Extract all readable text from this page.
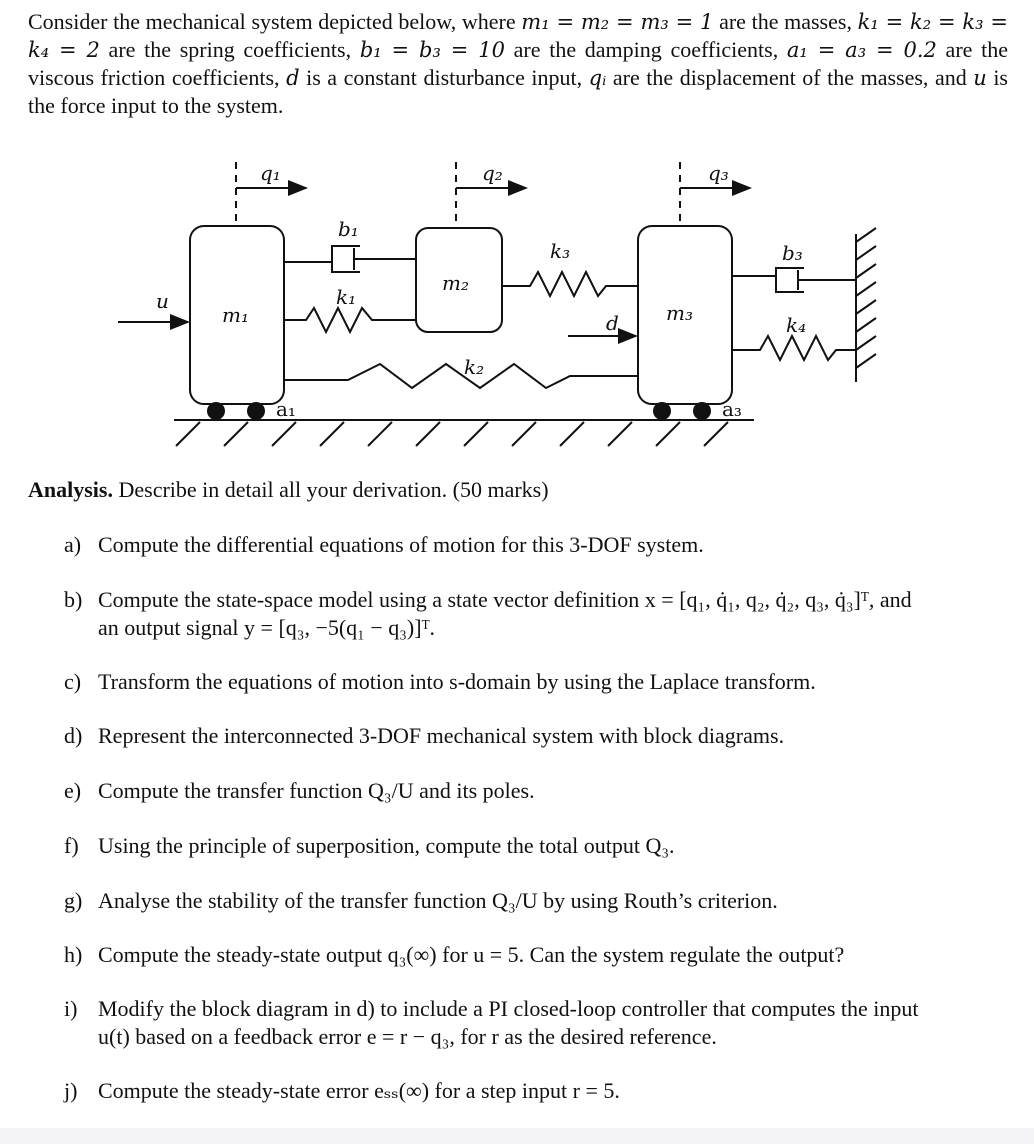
Consider the mechanical system depicted below, where m₁ = m₂ = m₃ = 1 are the masses, k₁ = k₂ = k₃ = k₄ = 2 are the spring coefficients, b₁ = b₃ = 10 are the damping coefficients, a₁ = a₃ = 0.2 are the viscous friction coefficients, d is a constant disturbance input, qᵢ are the displacement of the masses, and u is the force input to the system.

q₁	q₂	q₃
m₁
m₂
m₃
b₁
b₃
k₁
k₂
k₃
k₄
a₁	a₃
u
d

Analysis. Describe in detail all your derivation. (50 marks)

a) Compute the differential equations of motion for this 3-DOF system.
b) Compute the state-space model using a state vector definition x = [q₁, q̇₁, q₂, q̇₂, q₃, q̇₃]ᵀ, and
an output signal y = [q₃, −5(q₁ − q₃)]ᵀ.
c) Transform the equations of motion into s-domain by using the Laplace transform.
d) Represent the interconnected 3-DOF mechanical system with block diagrams.
e) Compute the transfer function Q₃/U and its poles.
f) Using the principle of superposition, compute the total output Q₃.
g) Analyse the stability of the transfer function Q₃/U by using Routh’s criterion.
h) Compute the steady-state output q₃(∞) for u = 5. Can the system regulate the output?
i) Modify the block diagram in d) to include a PI closed-loop controller that computes the input
u(t) based on a feedback error e = r − q₃, for r as the desired reference.
j) Compute the steady-state error eₛₛ(∞) for a step input r = 5.
